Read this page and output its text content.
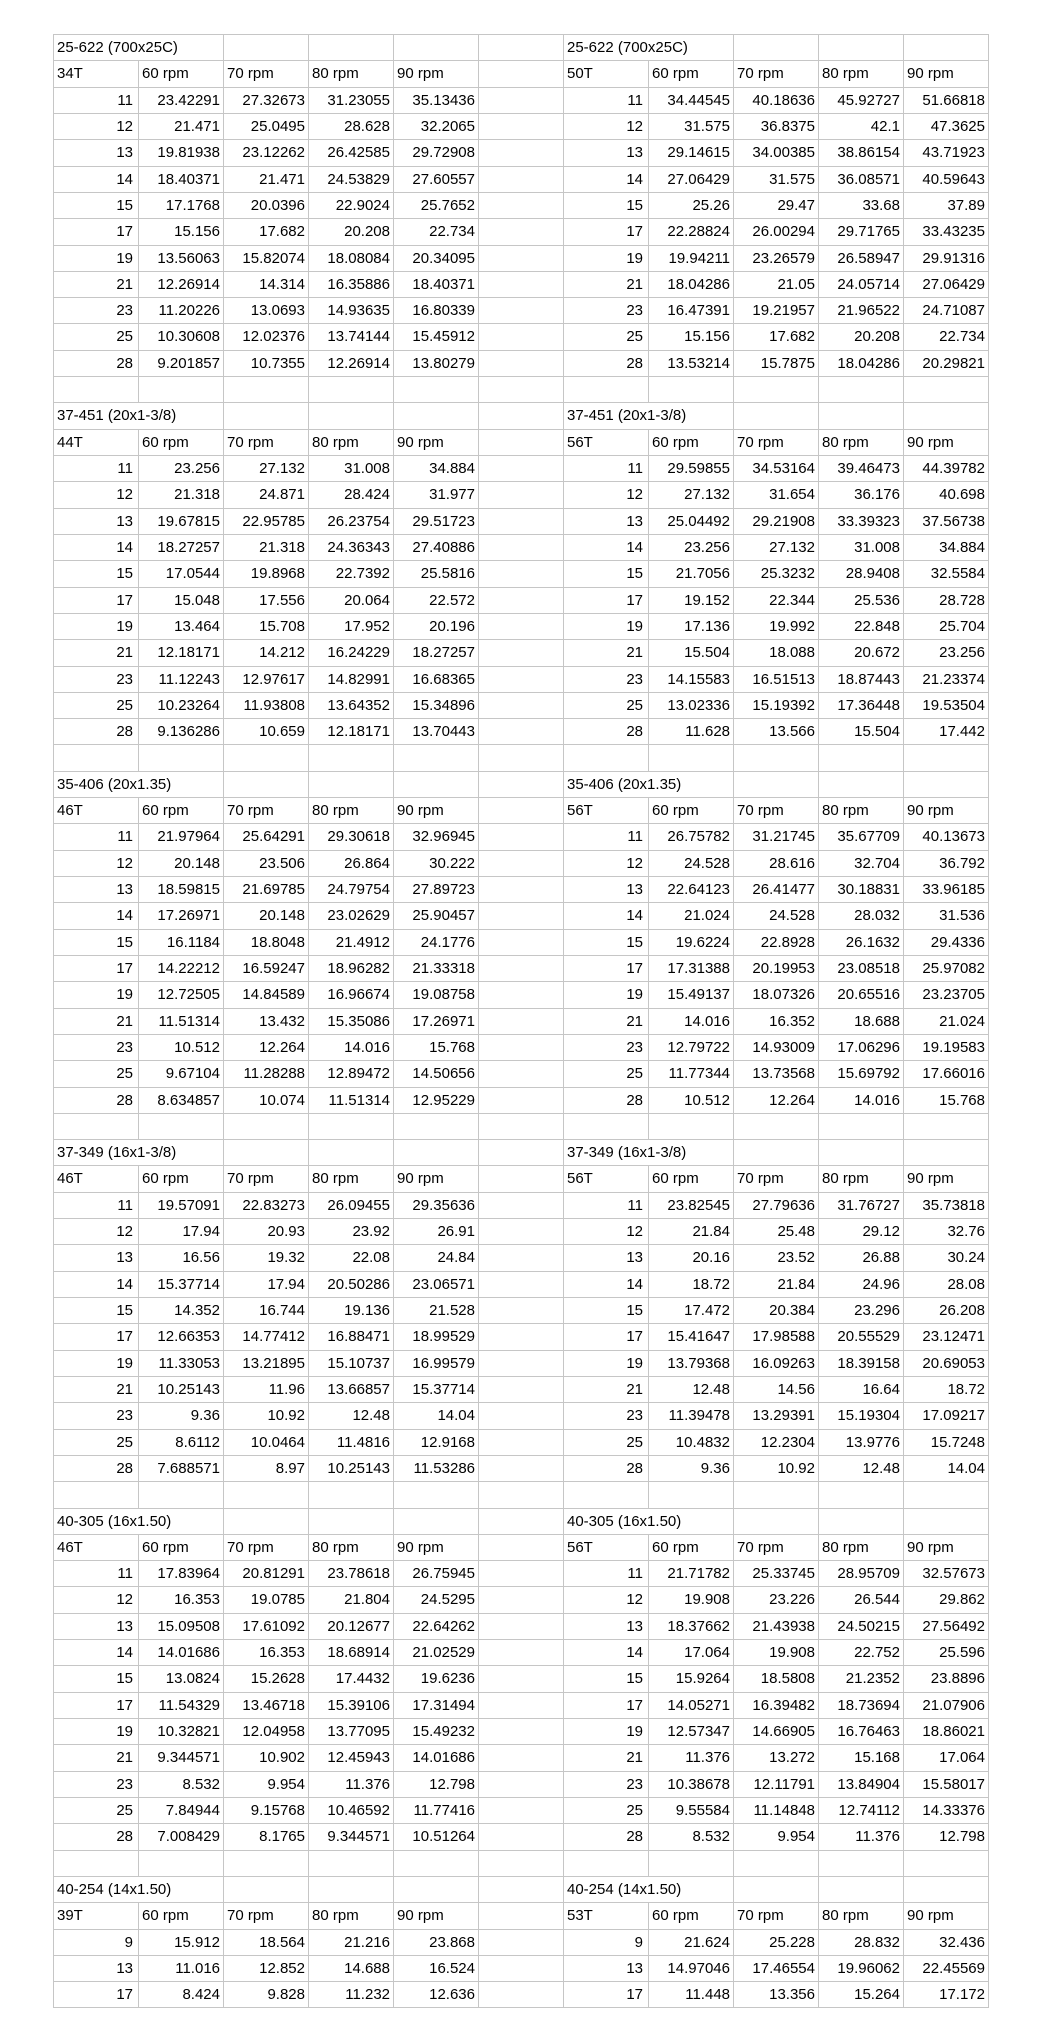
25-622 (700x25C)	25-622 (700x25C)
34T	60 rpm	70 rpm	80 rpm	90 rpm	50T	60 rpm	70 rpm	80 rpm	90 rpm
11	23.42291	27.32673	31.23055	35.13436	11	34.44545	40.18636	45.92727	51.66818
12	21.471	25.0495	28.628	32.2065	12	31.575	36.8375	42.1	47.3625
13	19.81938	23.12262	26.42585	29.72908	13	29.14615	34.00385	38.86154	43.71923
14	18.40371	21.471	24.53829	27.60557	14	27.06429	31.575	36.08571	40.59643
15	17.1768	20.0396	22.9024	25.7652	15	25.26	29.47	33.68	37.89
17	15.156	17.682	20.208	22.734	17	22.28824	26.00294	29.71765	33.43235
19	13.56063	15.82074	18.08084	20.34095	19	19.94211	23.26579	26.58947	29.91316
21	12.26914	14.314	16.35886	18.40371	21	18.04286	21.05	24.05714	27.06429
23	11.20226	13.0693	14.93635	16.80339	23	16.47391	19.21957	21.96522	24.71087
25	10.30608	12.02376	13.74144	15.45912	25	15.156	17.682	20.208	22.734
28	9.201857	10.7355	12.26914	13.80279	28	13.53214	15.7875	18.04286	20.29821
37-451 (20x1-3/8)	37-451 (20x1-3/8)
44T	60 rpm	70 rpm	80 rpm	90 rpm	56T	60 rpm	70 rpm	80 rpm	90 rpm
11	23.256	27.132	31.008	34.884	11	29.59855	34.53164	39.46473	44.39782
12	21.318	24.871	28.424	31.977	12	27.132	31.654	36.176	40.698
13	19.67815	22.95785	26.23754	29.51723	13	25.04492	29.21908	33.39323	37.56738
14	18.27257	21.318	24.36343	27.40886	14	23.256	27.132	31.008	34.884
15	17.0544	19.8968	22.7392	25.5816	15	21.7056	25.3232	28.9408	32.5584
17	15.048	17.556	20.064	22.572	17	19.152	22.344	25.536	28.728
19	13.464	15.708	17.952	20.196	19	17.136	19.992	22.848	25.704
21	12.18171	14.212	16.24229	18.27257	21	15.504	18.088	20.672	23.256
23	11.12243	12.97617	14.82991	16.68365	23	14.15583	16.51513	18.87443	21.23374
25	10.23264	11.93808	13.64352	15.34896	25	13.02336	15.19392	17.36448	19.53504
28	9.136286	10.659	12.18171	13.70443	28	11.628	13.566	15.504	17.442
35-406 (20x1.35)	35-406 (20x1.35)
46T	60 rpm	70 rpm	80 rpm	90 rpm	56T	60 rpm	70 rpm	80 rpm	90 rpm
11	21.97964	25.64291	29.30618	32.96945	11	26.75782	31.21745	35.67709	40.13673
12	20.148	23.506	26.864	30.222	12	24.528	28.616	32.704	36.792
13	18.59815	21.69785	24.79754	27.89723	13	22.64123	26.41477	30.18831	33.96185
14	17.26971	20.148	23.02629	25.90457	14	21.024	24.528	28.032	31.536
15	16.1184	18.8048	21.4912	24.1776	15	19.6224	22.8928	26.1632	29.4336
17	14.22212	16.59247	18.96282	21.33318	17	17.31388	20.19953	23.08518	25.97082
19	12.72505	14.84589	16.96674	19.08758	19	15.49137	18.07326	20.65516	23.23705
21	11.51314	13.432	15.35086	17.26971	21	14.016	16.352	18.688	21.024
23	10.512	12.264	14.016	15.768	23	12.79722	14.93009	17.06296	19.19583
25	9.67104	11.28288	12.89472	14.50656	25	11.77344	13.73568	15.69792	17.66016
28	8.634857	10.074	11.51314	12.95229	28	10.512	12.264	14.016	15.768
37-349 (16x1-3/8)	37-349 (16x1-3/8)
46T	60 rpm	70 rpm	80 rpm	90 rpm	56T	60 rpm	70 rpm	80 rpm	90 rpm
11	19.57091	22.83273	26.09455	29.35636	11	23.82545	27.79636	31.76727	35.73818
12	17.94	20.93	23.92	26.91	12	21.84	25.48	29.12	32.76
13	16.56	19.32	22.08	24.84	13	20.16	23.52	26.88	30.24
14	15.37714	17.94	20.50286	23.06571	14	18.72	21.84	24.96	28.08
15	14.352	16.744	19.136	21.528	15	17.472	20.384	23.296	26.208
17	12.66353	14.77412	16.88471	18.99529	17	15.41647	17.98588	20.55529	23.12471
19	11.33053	13.21895	15.10737	16.99579	19	13.79368	16.09263	18.39158	20.69053
21	10.25143	11.96	13.66857	15.37714	21	12.48	14.56	16.64	18.72
23	9.36	10.92	12.48	14.04	23	11.39478	13.29391	15.19304	17.09217
25	8.6112	10.0464	11.4816	12.9168	25	10.4832	12.2304	13.9776	15.7248
28	7.688571	8.97	10.25143	11.53286	28	9.36	10.92	12.48	14.04
40-305 (16x1.50)	40-305 (16x1.50)
46T	60 rpm	70 rpm	80 rpm	90 rpm	56T	60 rpm	70 rpm	80 rpm	90 rpm
11	17.83964	20.81291	23.78618	26.75945	11	21.71782	25.33745	28.95709	32.57673
12	16.353	19.0785	21.804	24.5295	12	19.908	23.226	26.544	29.862
13	15.09508	17.61092	20.12677	22.64262	13	18.37662	21.43938	24.50215	27.56492
14	14.01686	16.353	18.68914	21.02529	14	17.064	19.908	22.752	25.596
15	13.0824	15.2628	17.4432	19.6236	15	15.9264	18.5808	21.2352	23.8896
17	11.54329	13.46718	15.39106	17.31494	17	14.05271	16.39482	18.73694	21.07906
19	10.32821	12.04958	13.77095	15.49232	19	12.57347	14.66905	16.76463	18.86021
21	9.344571	10.902	12.45943	14.01686	21	11.376	13.272	15.168	17.064
23	8.532	9.954	11.376	12.798	23	10.38678	12.11791	13.84904	15.58017
25	7.84944	9.15768	10.46592	11.77416	25	9.55584	11.14848	12.74112	14.33376
28	7.008429	8.1765	9.344571	10.51264	28	8.532	9.954	11.376	12.798
40-254 (14x1.50)	40-254 (14x1.50)
39T	60 rpm	70 rpm	80 rpm	90 rpm	53T	60 rpm	70 rpm	80 rpm	90 rpm
9	15.912	18.564	21.216	23.868	9	21.624	25.228	28.832	32.436
13	11.016	12.852	14.688	16.524	13	14.97046	17.46554	19.96062	22.45569
17	8.424	9.828	11.232	12.636	17	11.448	13.356	15.264	17.172
